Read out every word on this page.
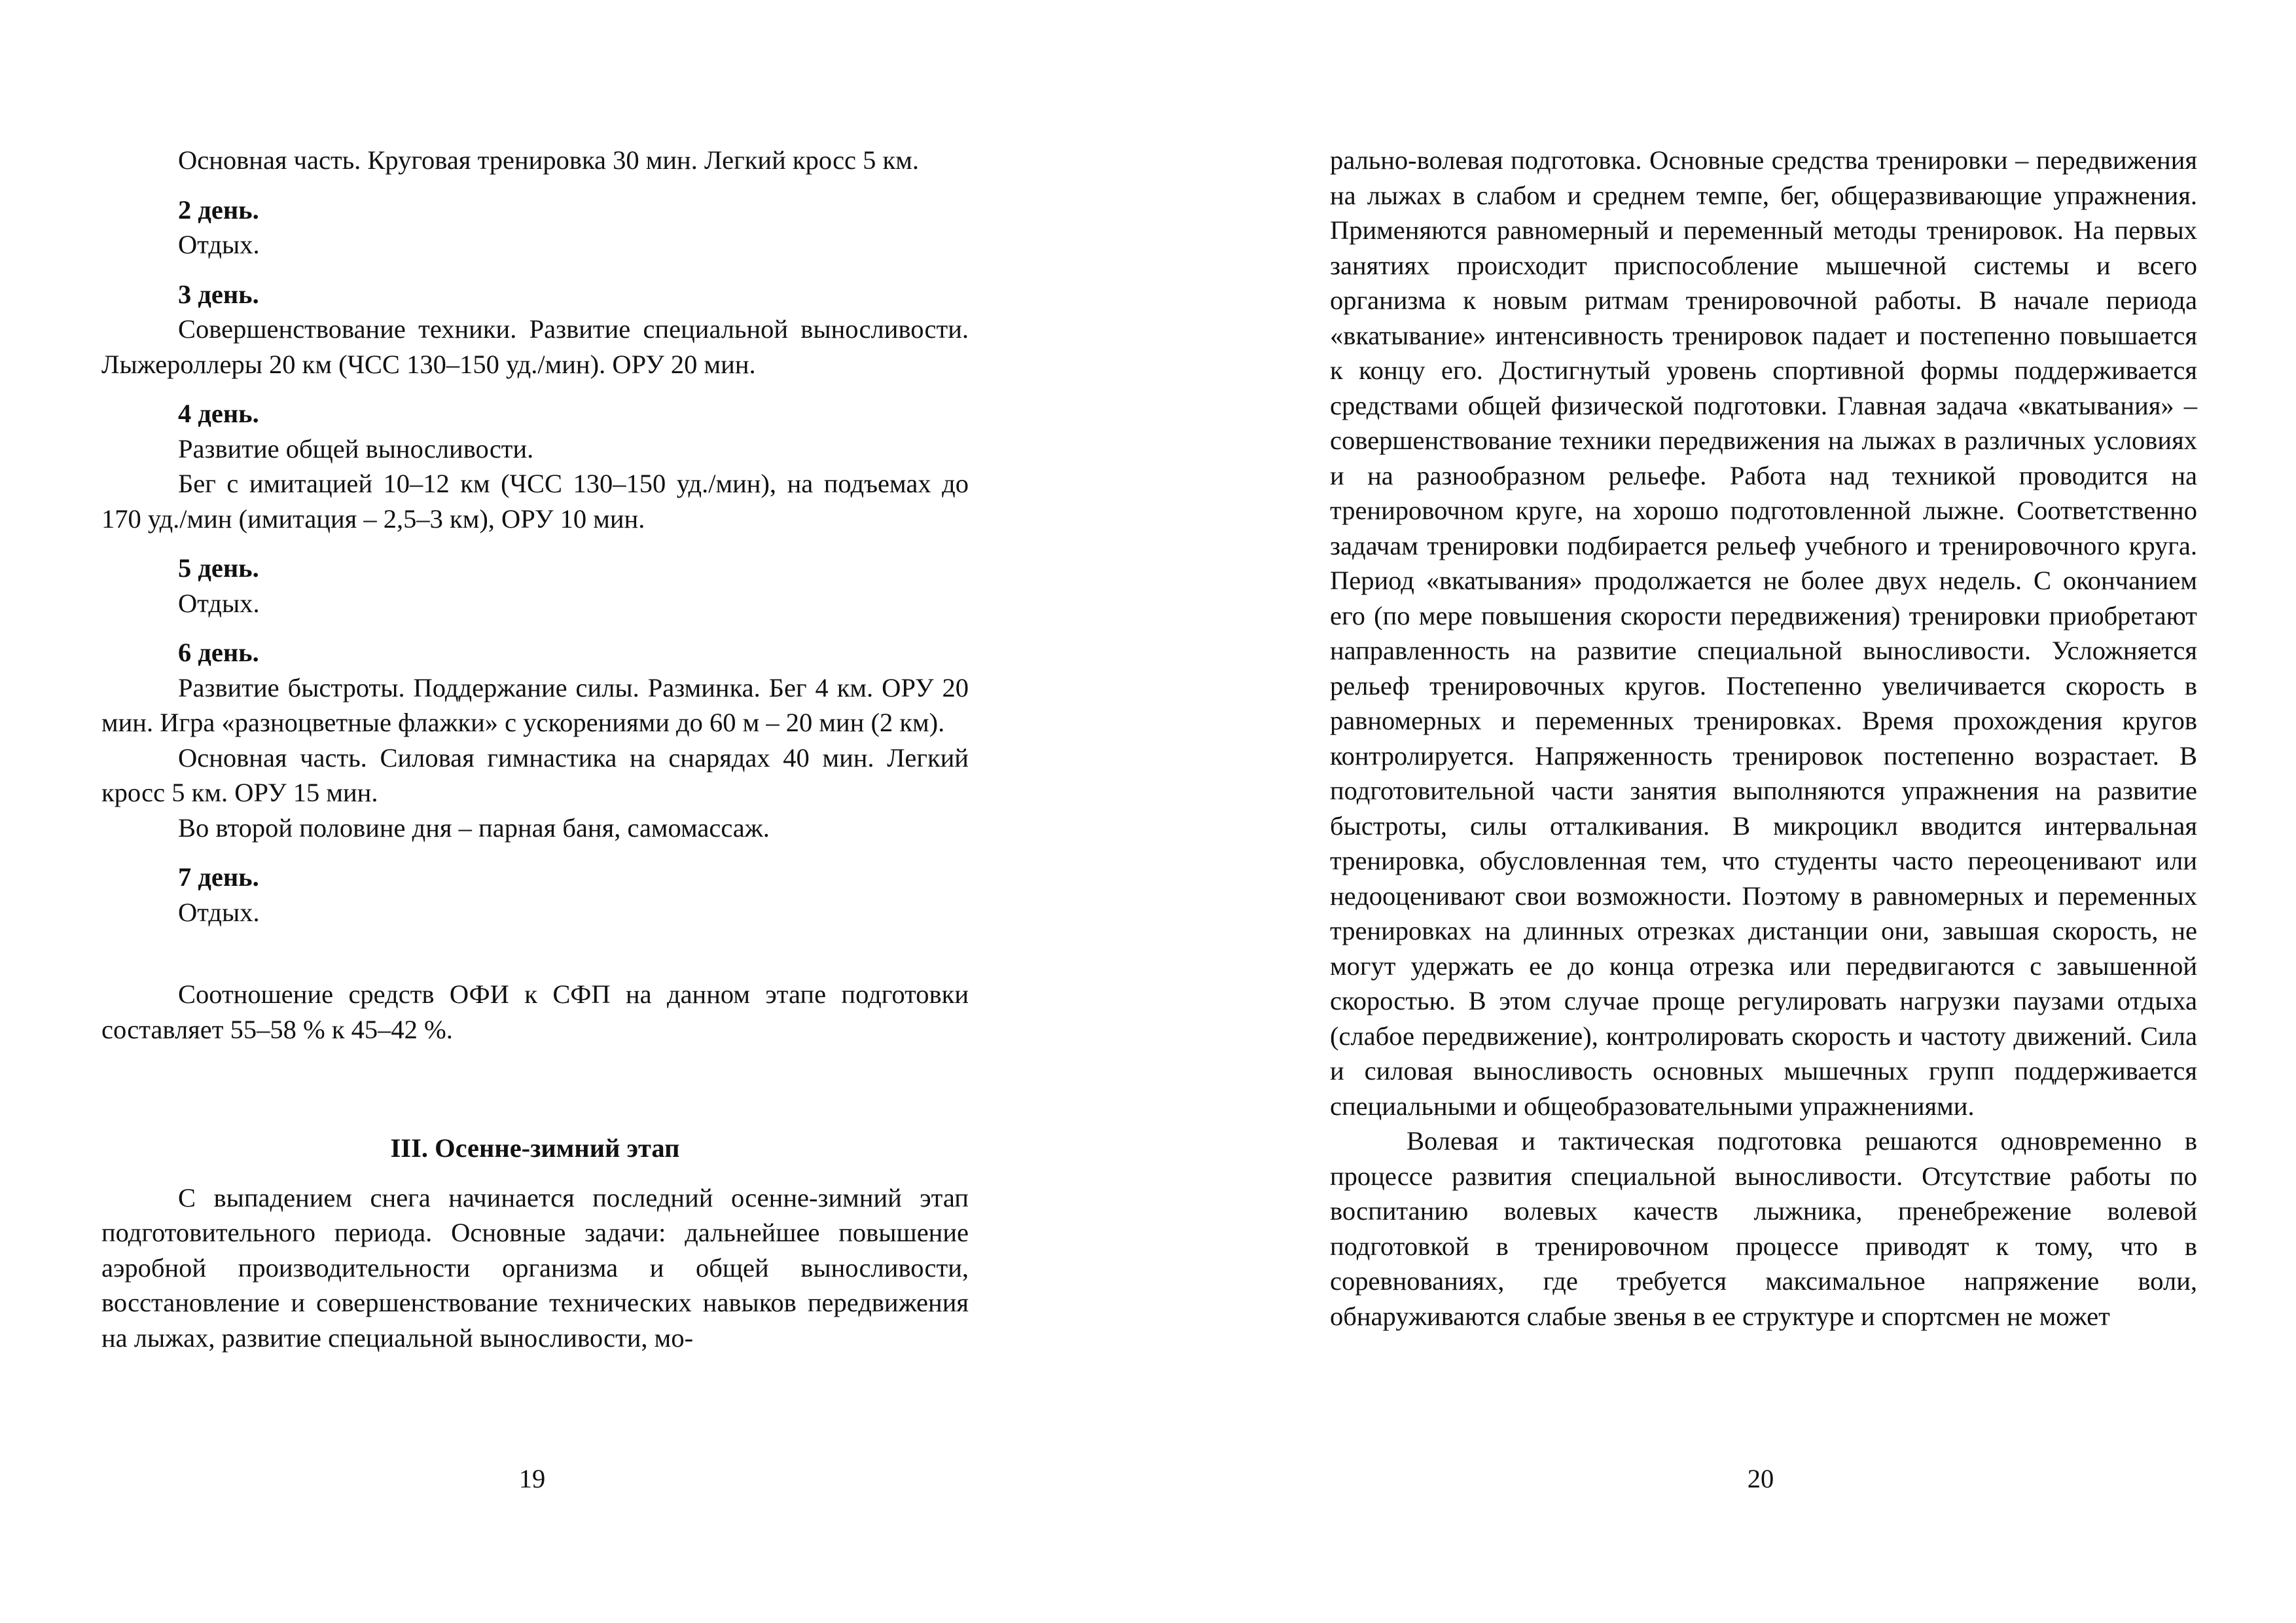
Основная часть. Круговая тренировка 30 мин. Легкий кросс 5 км.

2 день.

Отдых.

3 день.

Совершенствование техники. Развитие специальной выносливости. Лыжероллеры 20 км (ЧСС 130–150 уд./мин). ОРУ 20 мин.

4 день.

Развитие общей выносливости.

Бег с имитацией 10–12 км (ЧСС 130–150 уд./мин), на подъемах до 170 уд./мин (имитация – 2,5–3 км), ОРУ 10 мин.

5 день.

Отдых.

6 день.

Развитие быстроты. Поддержание силы. Разминка. Бег 4 км. ОРУ 20 мин. Игра «разноцветные флажки» с ускорениями до 60 м – 20 мин (2 км).

Основная часть. Силовая гимнастика на снарядах 40 мин. Легкий кросс 5 км. ОРУ 15 мин.

Во второй половине дня – парная баня, самомассаж.

7 день.

Отдых.

Соотношение средств ОФИ к СФП на данном этапе подготовки составляет 55–58 % к 45–42 %.

III. Осенне-зимний этап

С выпадением снега начинается последний осенне-зимний этап подготовительного периода. Основные задачи: дальнейшее повышение аэробной производительности организма и общей выносливости, восстановление и совершенствование технических навыков передвижения на лыжах, развитие специальной выносливости, мо-

19

рально-волевая подготовка. Основные средства тренировки – передвижения на лыжах в слабом и среднем темпе, бег, общеразвивающие упражнения. Применяются равномерный и переменный методы тренировок. На первых занятиях происходит приспособление мышечной системы и всего организма к новым ритмам тренировочной работы. В начале периода «вкатывание» интенсивность тренировок падает и постепенно повышается к концу его. Достигнутый уровень спортивной формы поддерживается средствами общей физической подготовки. Главная задача «вкатывания» – совершенствование техники передвижения на лыжах в различных условиях и на разнообразном рельефе. Работа над техникой проводится на тренировочном круге, на хорошо подготовленной лыжне. Соответственно задачам тренировки подбирается рельеф учебного и тренировочного круга. Период «вкатывания» продолжается не более двух недель. С окончанием его (по мере повышения скорости передвижения) тренировки приобретают направленность на развитие специальной выносливости. Усложняется рельеф тренировочных кругов. Постепенно увеличивается скорость в равномерных и переменных тренировках. Время прохождения кругов контролируется. Напряженность тренировок постепенно возрастает. В подготовительной части занятия выполняются упражнения на развитие быстроты, силы отталкивания. В микроцикл вводится интервальная тренировка, обусловленная тем, что студенты часто переоценивают или недооценивают свои возможности. Поэтому в равномерных и переменных тренировках на длинных отрезках дистанции они, завышая скорость, не могут удержать ее до конца отрезка или передвигаются с завышенной скоростью. В этом случае проще регулировать нагрузки паузами отдыха (слабое передвижение), контролировать скорость и частоту движений. Сила и силовая выносливость основных мышечных групп поддерживается специальными и общеобразовательными упражнениями.

Волевая и тактическая подготовка решаются одновременно в процессе развития специальной выносливости. Отсутствие работы по воспитанию волевых качеств лыжника, пренебрежение волевой подготовкой в тренировочном процессе приводят к тому, что в соревнованиях, где требуется максимальное напряжение воли, обнаруживаются слабые звенья в ее структуре и спортсмен не может

20
